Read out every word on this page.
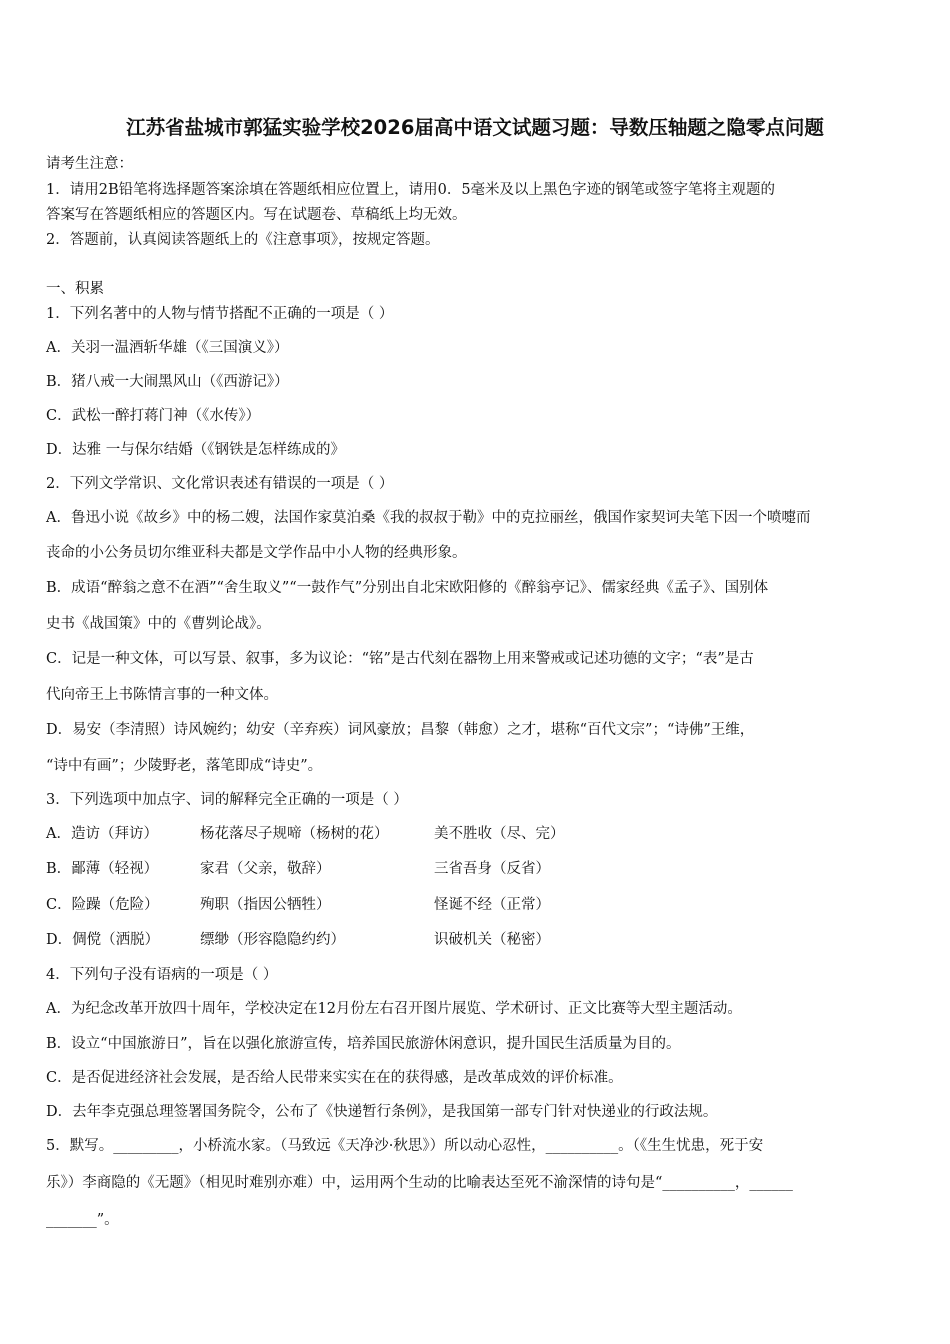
江苏省盐城市郭猛实验学校2026届高中语文试题习题：导数压轴题之隐零点问题
请考生注意：
1．请用2B铅笔将选择题答案涂填在答题纸相应位置上，请用0．5毫米及以上黑色字迹的钢笔或签字笔将主观题的
答案写在答题纸相应的答题区内。写在试题卷、草稿纸上均无效。
2．答题前，认真阅读答题纸上的《注意事项》，按规定答题。
一、积累
1．下列名著中的人物与情节搭配不正确的一项是（ ）
A．关羽一温酒斩华雄（《三国演义》）
B．猪八戒一大闹黑风山（《西游记》）
C．武松一醉打蒋门神（《水传》）
D．达雅 一与保尔结婚（《钢铁是怎样练成的》
2．下列文学常识、文化常识表述有错误的一项是（ ）
A．鲁迅小说《故乡》中的杨二嫂，法国作家莫泊桑《我的叔叔于勒》中的克拉丽丝，俄国作家契诃夫笔下因一个喷嚏而
丧命的小公务员切尔维亚科夫都是文学作品中小人物的经典形象。
B．成语“醉翁之意不在酒”“舍生取义”“一鼓作气”分别出自北宋欧阳修的《醉翁亭记》、儒家经典《孟子》、国别体
史书《战国策》中的《曹刿论战》。
C．记是一种文体，可以写景、叙事，多为议论：“铭”是古代刻在器物上用来警戒或记述功德的文字；“表”是古
代向帝王上书陈情言事的一种文体。
D．易安（李清照）诗风婉约；幼安（辛弃疾）词风豪放；昌黎（韩愈）之才，堪称“百代文宗”；“诗佛”王维，
“诗中有画”；少陵野老，落笔即成“诗史”。
3．下列选项中加点字、词的解释完全正确的一项是（ ）
A．造访（拜访）	杨花落尽子规啼（杨树的花）	美不胜收（尽、完）
B．鄙薄（轻视）	家君（父亲，敬辞）	三省吾身（反省）
C．险躁（危险）	殉职（指因公牺牲）	怪诞不经（正常）
D．倜傥（洒脱）	缥缈（形容隐隐约约）	识破机关（秘密）
4．下列句子没有语病的一项是（ ）
A．为纪念改革开放四十周年，学校决定在12月份左右召开图片展览、学术研讨、正文比赛等大型主题活动。
B．设立“中国旅游日”，旨在以强化旅游宣传，培养国民旅游休闲意识，提升国民生活质量为目的。
C．是否促进经济社会发展，是否给人民带来实实在在的获得感，是改革成效的评价标准。
D．去年李克强总理签署国务院令，公布了《快递暂行条例》，是我国第一部专门针对快递业的行政法规。
5．默写。_________，小桥流水家。（马致远《天净沙·秋思》）所以动心忍性，__________。（《生生忧患，死于安
乐》）李商隐的《无题》（相见时难别亦难）中，运用两个生动的比喻表达至死不渝深情的诗句是“__________，______
_______”。
